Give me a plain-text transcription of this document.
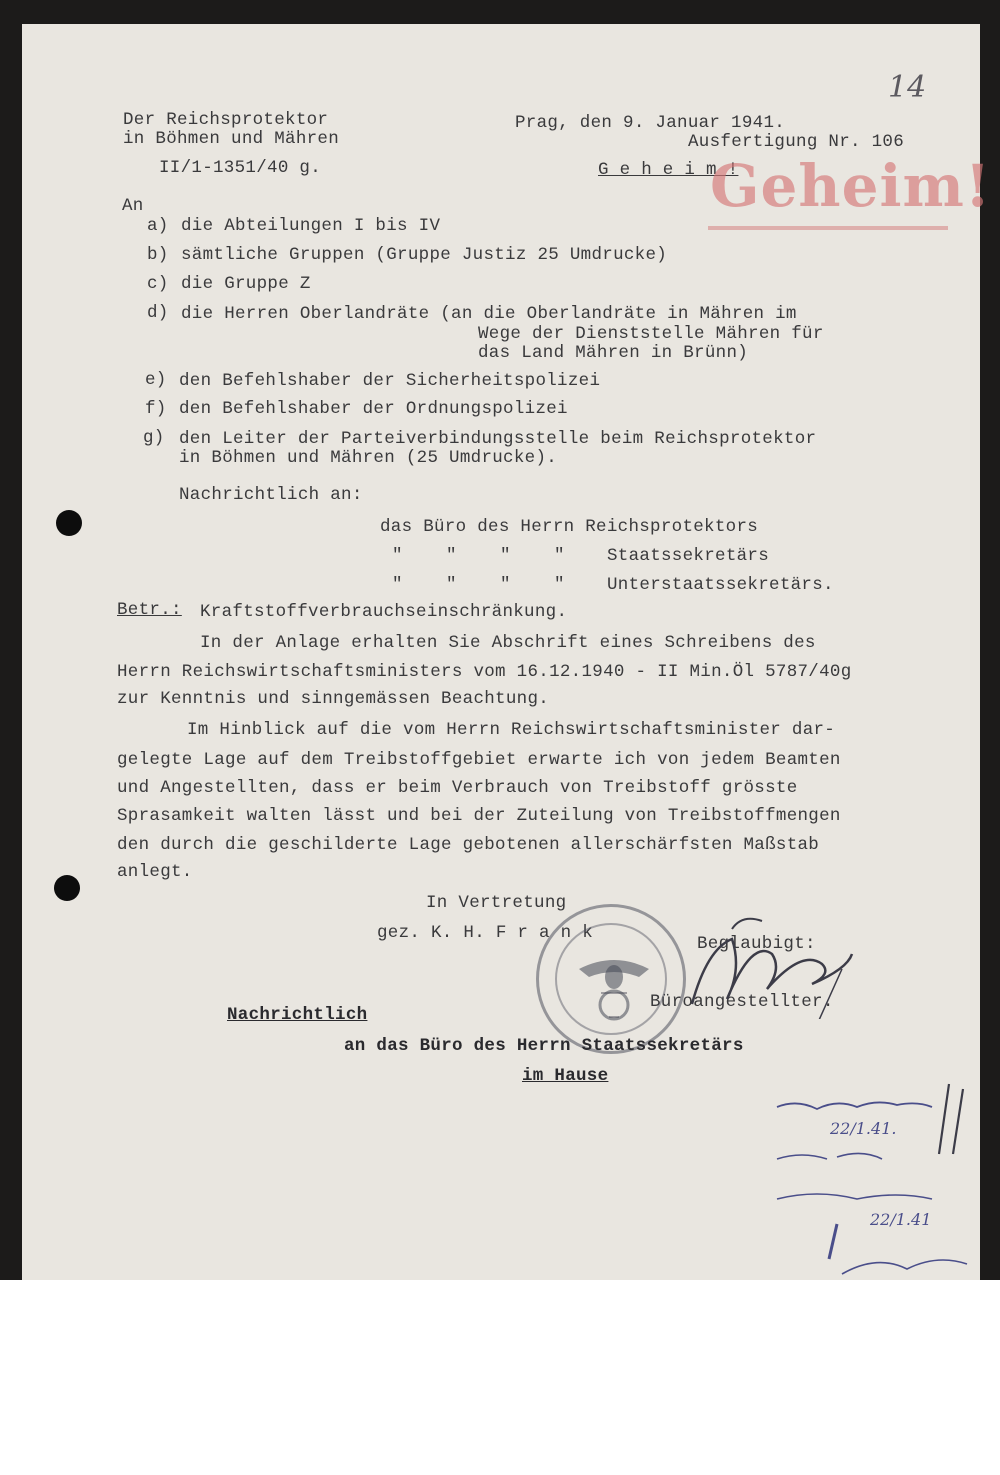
14
Der Reichsprotektor
in Böhmen und Mähren
II/1-1351/40 g.
Prag, den 9. Januar 1941.
Ausfertigung Nr. 106
G e h e i m !
Geheim!
An
a) die Abteilungen I bis IV
b) sämtliche Gruppen (Gruppe Justiz 25 Umdrucke)
c) die Gruppe Z
d) die Herren Oberlandräte (an die Oberlandräte in Mähren im
Wege der Dienststelle Mähren für
das Land Mähren in Brünn)
e) den Befehlshaber der Sicherheitspolizei
f) den Befehlshaber der Ordnungspolizei
g) den Leiter der Parteiverbindungsstelle beim Reichsprotektor
in Böhmen und Mähren (25 Umdrucke).
Nachrichtlich an:
das Büro des Herrn Reichsprotektors
"    "    "    " Staatssekretärs
"    "    "    " Unterstaatssekretärs.
Betr.: Kraftstoffverbrauchseinschränkung.
In der Anlage erhalten Sie Abschrift eines Schreibens des
Herrn Reichswirtschaftsministers vom 16.12.1940 - II Min.Öl 5787/40g
zur Kenntnis und sinngemässen Beachtung.
Im Hinblick auf die vom Herrn Reichswirtschaftsminister dar-
gelegte Lage auf dem Treibstoffgebiet erwarte ich von jedem Beamten
und Angestellten, dass er beim Verbrauch von Treibstoff grösste
Sprasamkeit walten lässt und bei der Zuteilung von Treibstoffmengen
den durch die geschilderte Lage gebotenen allerschärfsten Maßstab
anlegt.
In Vertretung
gez. K. H. F r a n k
Beglaubigt:
Büroangestellter.
Nachrichtlich
an das Büro des Herrn Staatssekretärs
im Hause
22/1.41.
22/1.41
